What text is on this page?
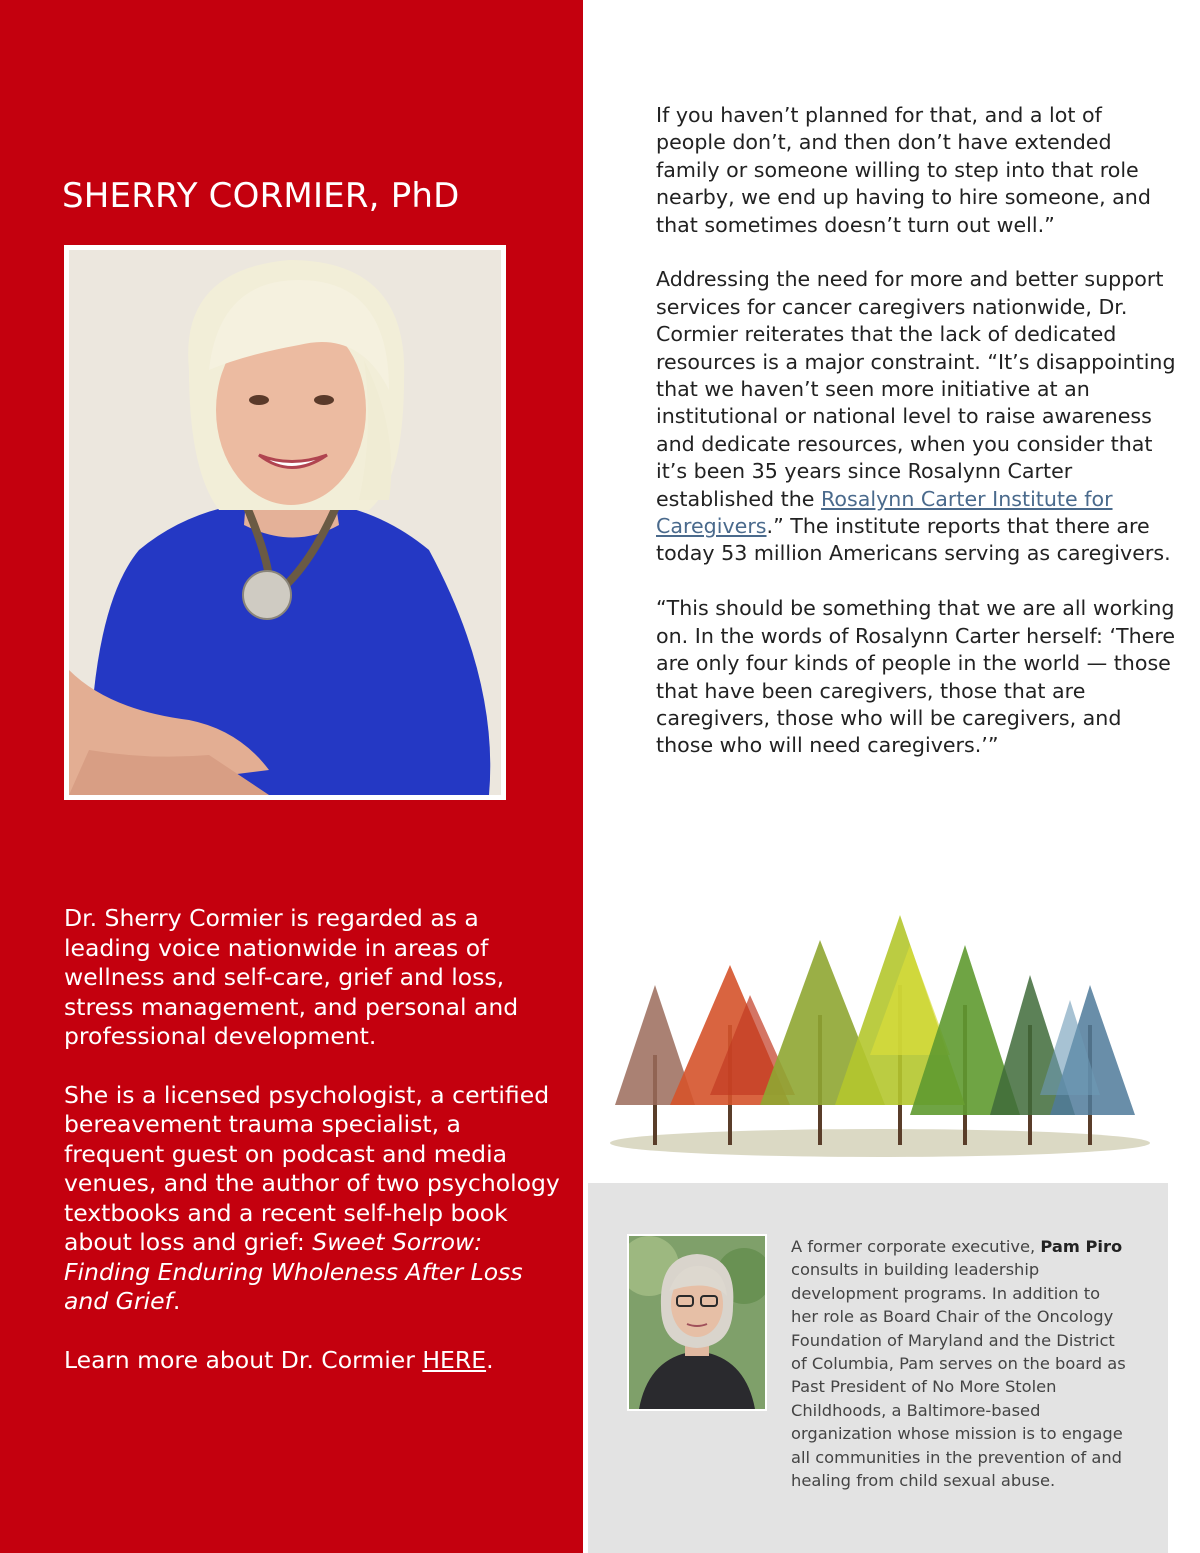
SHERRY CORMIER, PhD

Dr. Sherry Cormier is regarded as a leading voice nationwide in areas of wellness and self-care, grief and loss, stress management, and personal and professional development.

She is a licensed psychologist, a certified bereavement trauma specialist, a frequent guest on podcast and media venues, and the author of two psychology textbooks and a recent self-help book about loss and grief: Sweet Sorrow: Finding Enduring Wholeness After Loss and Grief.

Learn more about Dr. Cormier HERE.

If you haven’t planned for that, and a lot of people don’t, and then don’t have extended family or someone willing to step into that role nearby, we end up having to hire someone, and that sometimes doesn’t turn out well.”

Addressing the need for more and better support services for cancer caregivers nationwide, Dr. Cormier reiterates that the lack of dedicated resources is a major constraint. “It’s disappointing that we haven’t seen more initiative at an institutional or national level to raise awareness and dedicate resources, when you consider that it’s been 35 years since Rosalynn Carter established the Rosalynn Carter Institute for Caregivers.” The institute reports that there are today 53 million Americans serving as caregivers.

“This should be something that we are all working on. In the words of Rosalynn Carter herself: ‘There are only four kinds of people in the world — those that have been caregivers, those that are caregivers, those who will be caregivers, and those who will need caregivers.’”

A former corporate executive, Pam Piro consults in building leadership development programs. In addition to her role as Board Chair of the Oncology Foundation of Maryland and the District of Columbia, Pam serves on the board as Past President of No More Stolen Childhoods, a Baltimore-based organization whose mission is to engage all communities in the prevention of and healing from child sexual abuse.
